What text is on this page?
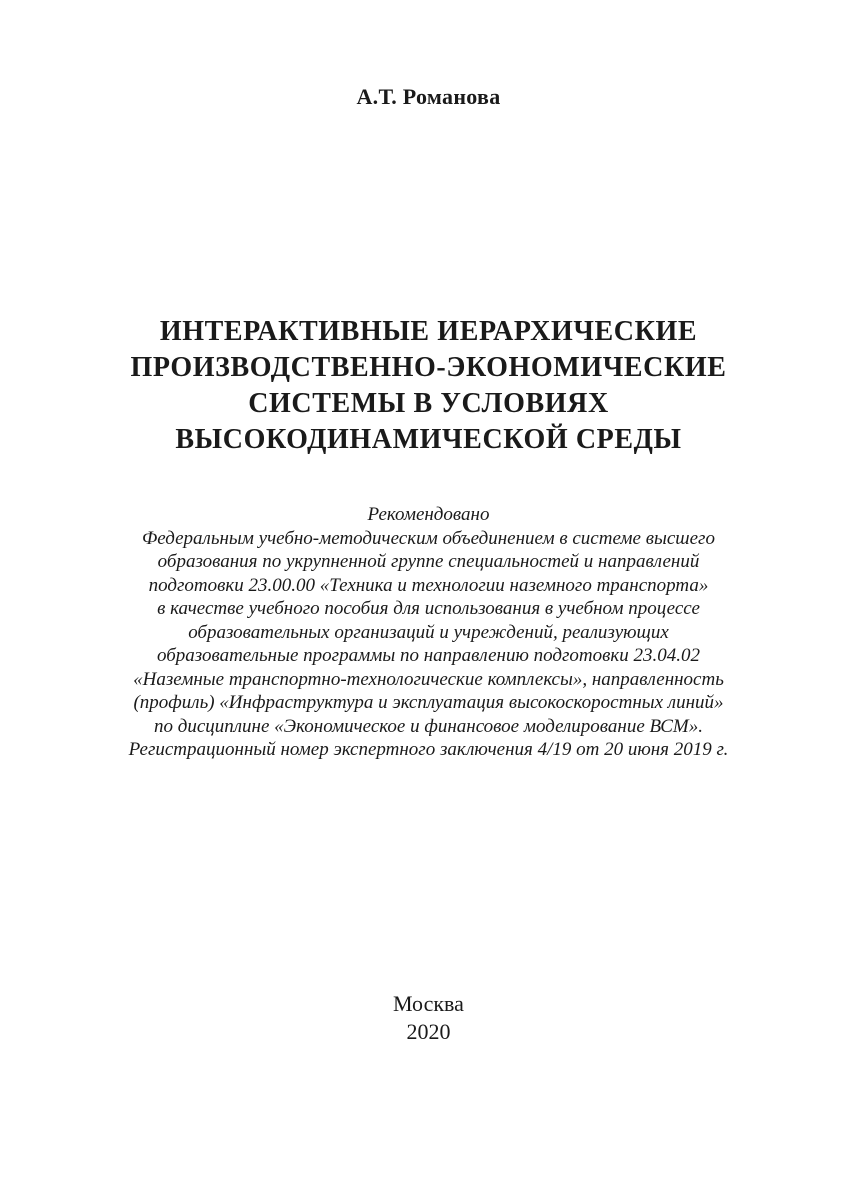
А.Т. Романова
ИНТЕРАКТИВНЫЕ ИЕРАРХИЧЕСКИЕ
ПРОИЗВОДСТВЕННО-ЭКОНОМИЧЕСКИЕ
СИСТЕМЫ В УСЛОВИЯХ
ВЫСОКОДИНАМИЧЕСКОЙ СРЕДЫ
Рекомендовано
Федеральным учебно-методическим объединением в системе высшего
образования по укрупненной группе специальностей и направлений
подготовки 23.00.00 «Техника и технологии наземного транспорта»
в качестве учебного пособия для использования в учебном процессе
образовательных организаций и учреждений, реализующих
образовательные программы по направлению подготовки 23.04.02
«Наземные транспортно-технологические комплексы», направленность
(профиль) «Инфраструктура и эксплуатация высокоскоростных линий»
по дисциплине «Экономическое и финансовое моделирование ВСМ».
Регистрационный номер экспертного заключения 4/19 от 20 июня 2019 г.
Москва
2020
